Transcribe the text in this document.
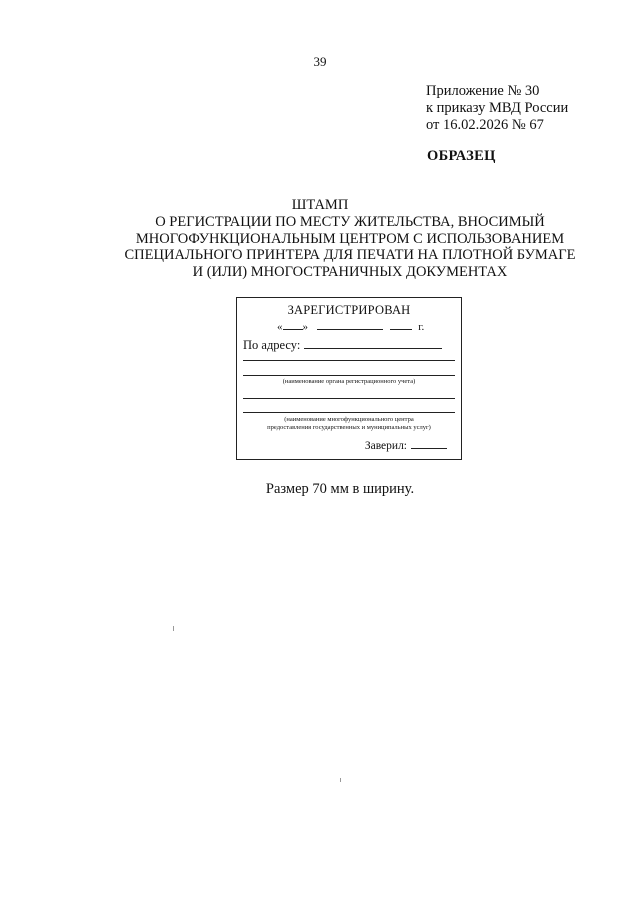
39
Приложение № 30
к приказу МВД России
от 16.02.2026 № 67
ОБРАЗЕЦ
ШТАМП
О РЕГИСТРАЦИИ ПО МЕСТУ ЖИТЕЛЬСТВА, ВНОСИМЫЙ
МНОГОФУНКЦИОНАЛЬНЫМ ЦЕНТРОМ С ИСПОЛЬЗОВАНИЕМ
СПЕЦИАЛЬНОГО ПРИНТЕРА ДЛЯ ПЕЧАТИ НА ПЛОТНОЙ БУМАГЕ
И (ИЛИ) МНОГОСТРАНИЧНЫХ ДОКУМЕНТАХ
ЗАРЕГИСТРИРОВАН
« »	г.
По адресу:
(наименование органа регистрационного учета)
(наименование многофункционального центра
предоставления государственных и муниципальных услуг)
Заверил:
Размер 70 мм в ширину.
